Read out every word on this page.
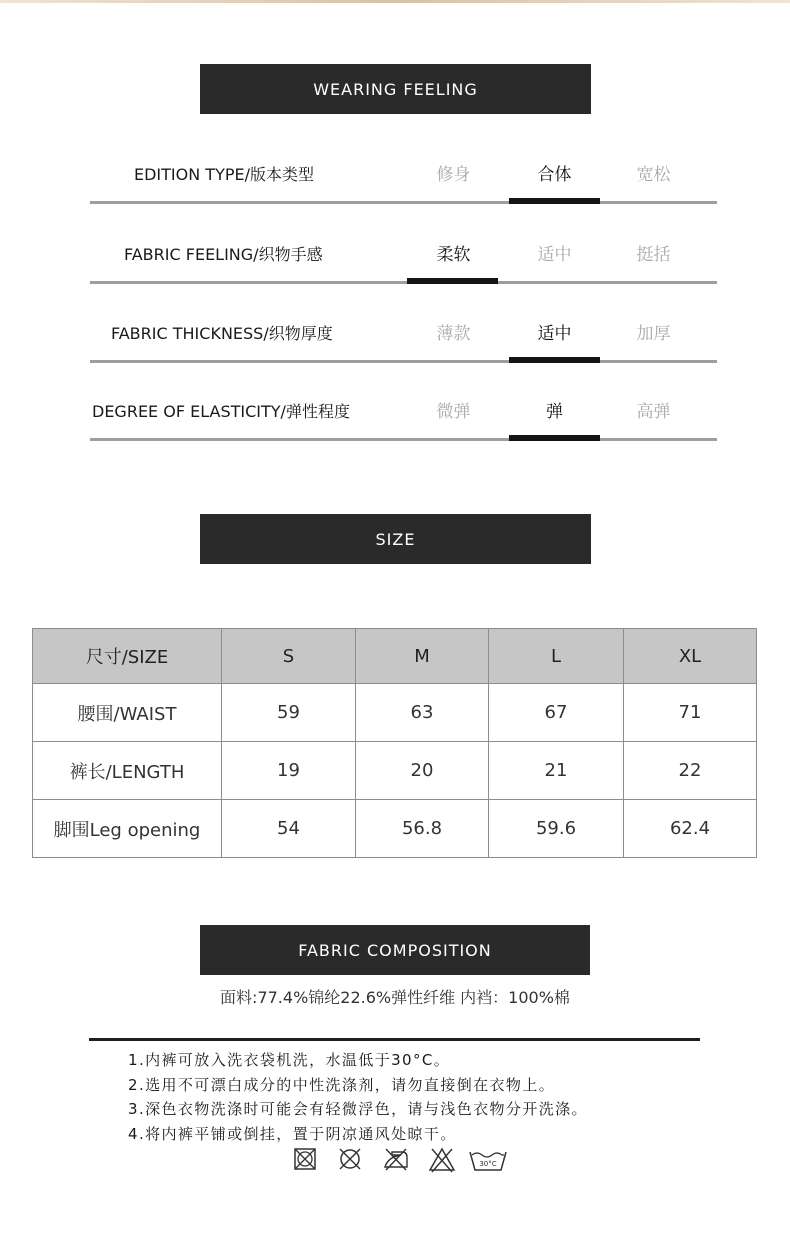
WEARING FEELING
EDITION TYPE/版本类型	修身	合体	宽松
FABRIC FEELING/织物手感	柔软	适中	挺括
FABRIC THICKNESS/织物厚度	薄款	适中	加厚
DEGREE OF ELASTICITY/弹性程度	微弹	弹	高弹
SIZE
尺寸/SIZE	S	M	L	XL
腰围/WAIST	59	63	67	71
裤长/LENGTH	19	20	21	22
脚围Leg opening	54	56.8	59.6	62.4
FABRIC COMPOSITION
面料:77.4%锦纶22.6%弹性纤维 内裆：100%棉
1.内裤可放入洗衣袋机洗，水温低于30°C。
2.选用不可漂白成分的中性洗涤剂，请勿直接倒在衣物上。
3.深色衣物洗涤时可能会有轻微浮色，请与浅色衣物分开洗涤。
4.将内裤平铺或倒挂，置于阴凉通风处晾干。
30°C
